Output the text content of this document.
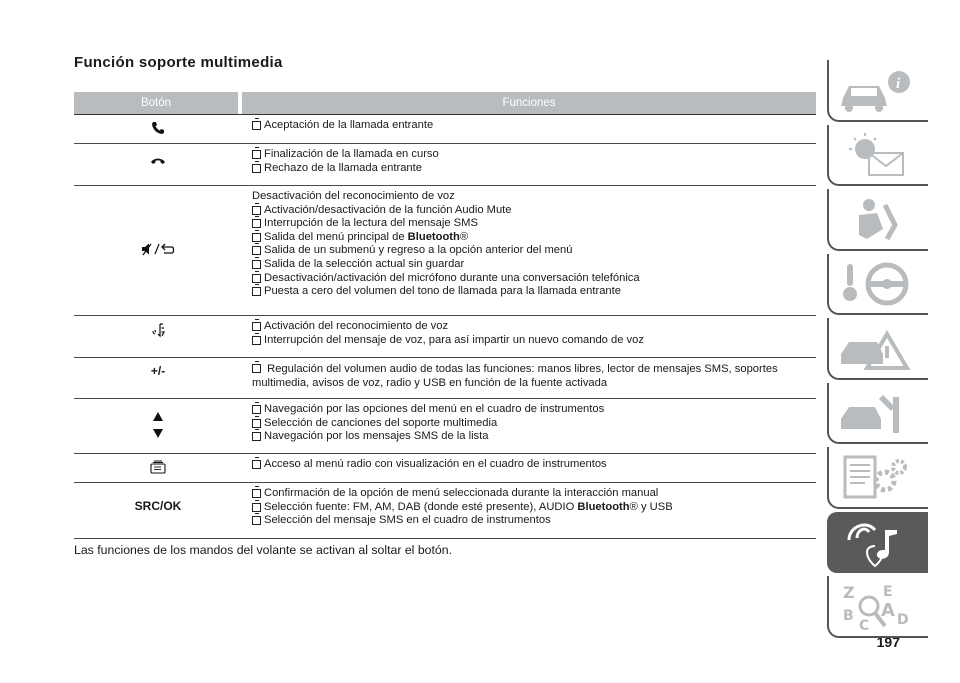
Función soporte multimedia
Botón	Funciones
Aceptación de la llamada entrante
Finalización de la llamada en curso
Rechazo de la llamada entrante
Desactivación del reconocimiento de voz
Activación/desactivación de la función Audio Mute
Interrupción de la lectura del mensaje SMS
Salida del menú principal de Bluetooth®
Salida de un submenú y regreso a la opción anterior del menú
Salida de la selección actual sin guardar
Desactivación/activación del micrófono durante una conversación telefónica
Puesta a cero del volumen del tono de llamada para la llamada entrante
Activación del reconocimiento de voz
Interrupción del mensaje de voz, para así impartir un nuevo comando de voz
+/-	Regulación del volumen audio de todas las funciones: manos libres, lector de mensajes SMS, soportes multimedia, avisos de voz, radio y USB en función de la fuente activada
Navegación por las opciones del menú en el cuadro de instrumentos
Selección de canciones del soporte multimedia
Navegación por los mensajes SMS de la lista
Acceso al menú radio con visualización en el cuadro de instrumentos
SRC/OK
Confirmación de la opción de menú seleccionada durante la interacción manual
Selección fuente: FM, AM, DAB (donde esté presente), AUDIO Bluetooth® y USB
Selección del mensaje SMS en el cuadro de instrumentos
Las funciones de los mandos del volante se activan al soltar el botón.
197
i
Z E
B
C
A D
